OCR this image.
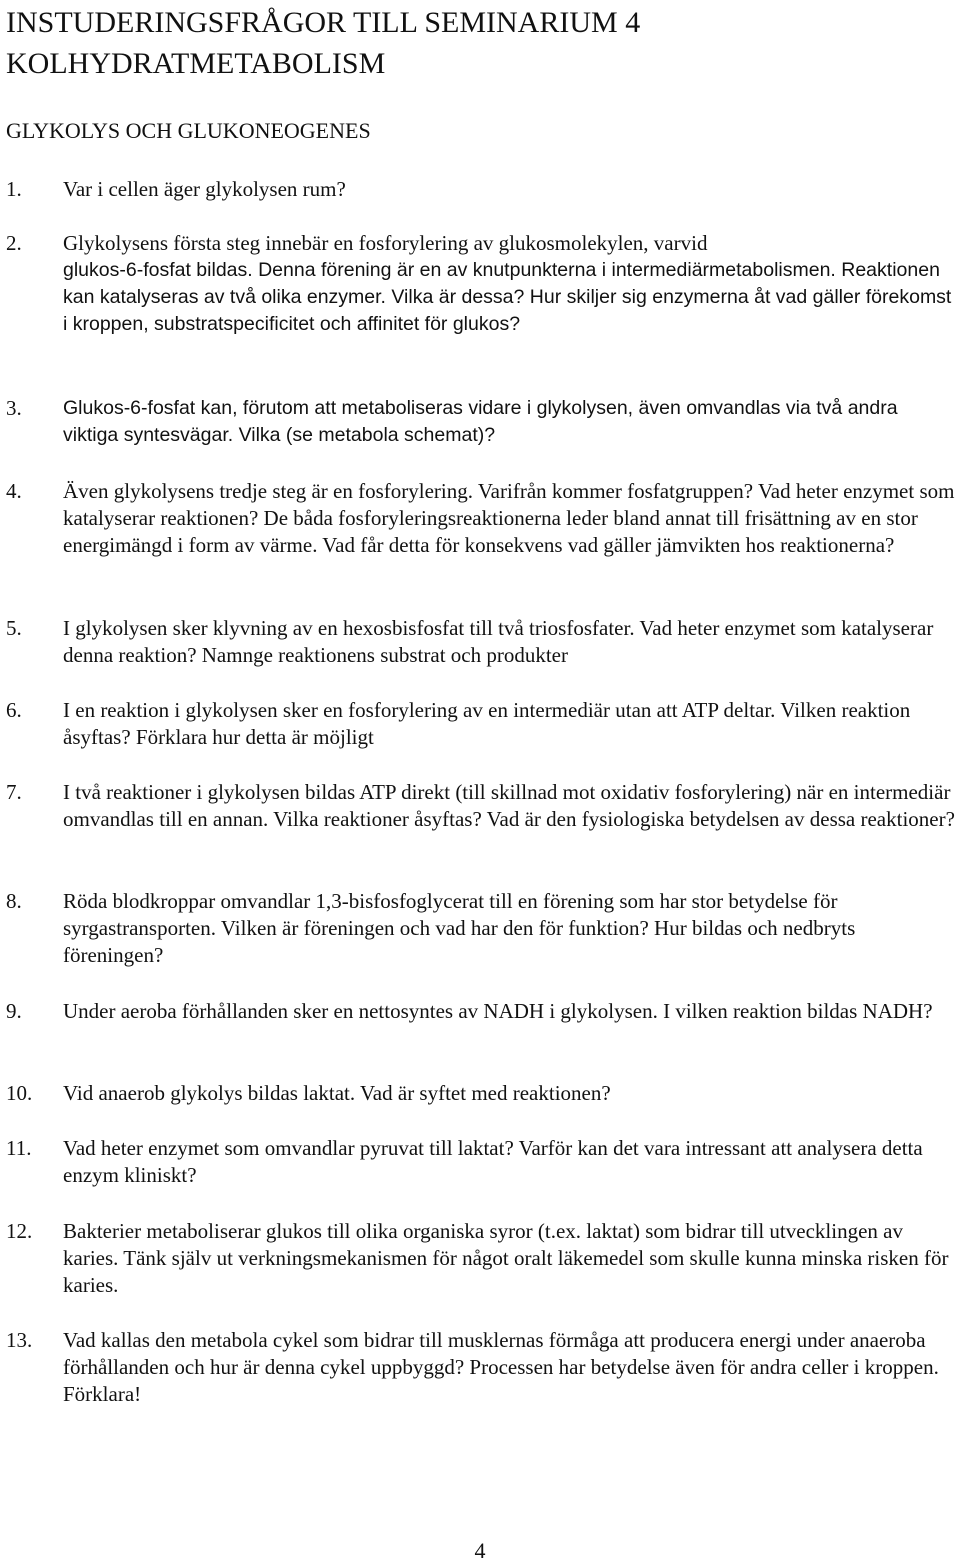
INSTUDERINGSFRÅGOR TILL SEMINARIUM 4
KOLHYDRATMETABOLISM
GLYKOLYS OCH GLUKONEOGENES
1.	Var i cellen äger glykolysen rum?
2.	Glykolysens första steg innebär en fosforylering av glukosmolekylen, varvid
glukos-6-fosfat bildas. Denna förening är en av knutpunkterna i intermediärmetabolismen. Reaktionen kan katalyseras av två olika enzymer. Vilka är dessa? Hur skiljer sig enzymerna åt vad gäller förekomst i kroppen, substratspecificitet och affinitet för glukos?
3.	Glukos-6-fosfat kan, förutom att metaboliseras vidare i glykolysen, även omvandlas via två andra viktiga syntesvägar. Vilka (se metabola schemat)?
4.	Även glykolysens tredje steg är en fosforylering. Varifrån kommer fosfatgruppen? Vad heter enzymet som katalyserar reaktionen? De båda fosforyleringsreaktionerna leder bland annat till frisättning av en stor energimängd i form av värme. Vad får detta för konsekvens vad gäller jämvikten hos reaktionerna?
5.	I glykolysen sker klyvning av en hexosbisfosfat till två triosfosfater. Vad heter enzymet som katalyserar denna reaktion? Namnge reaktionens substrat och produkter
6.	I en reaktion i glykolysen sker en fosforylering av en intermediär utan att ATP deltar. Vilken reaktion åsyftas? Förklara hur detta är möjligt
7.	I två reaktioner i glykolysen bildas ATP direkt (till skillnad mot oxidativ fosforylering) när en intermediär omvandlas till en annan. Vilka reaktioner åsyftas? Vad är den fysiologiska betydelsen av dessa reaktioner?
8.	Röda blodkroppar omvandlar 1,3-bisfosfoglycerat till en förening som har stor betydelse för syrgastransporten. Vilken är föreningen och vad har den för funktion? Hur bildas och nedbryts föreningen?
9.	Under aeroba förhållanden sker en nettosyntes av NADH i glykolysen. I vilken reaktion bildas NADH?
10.	Vid anaerob glykolys bildas laktat. Vad är syftet med reaktionen?
11.	Vad heter enzymet som omvandlar pyruvat till laktat? Varför kan det vara intressant att analysera detta enzym kliniskt?
12.	Bakterier metaboliserar glukos till olika organiska syror (t.ex. laktat) som bidrar till utvecklingen av karies. Tänk själv ut verkningsmekanismen för något oralt läkemedel som skulle kunna minska risken för karies.
13.	Vad kallas den metabola cykel som bidrar till musklernas förmåga att producera energi under anaeroba förhållanden och hur är denna cykel uppbyggd? Processen har betydelse även för andra celler i kroppen. Förklara!
4
